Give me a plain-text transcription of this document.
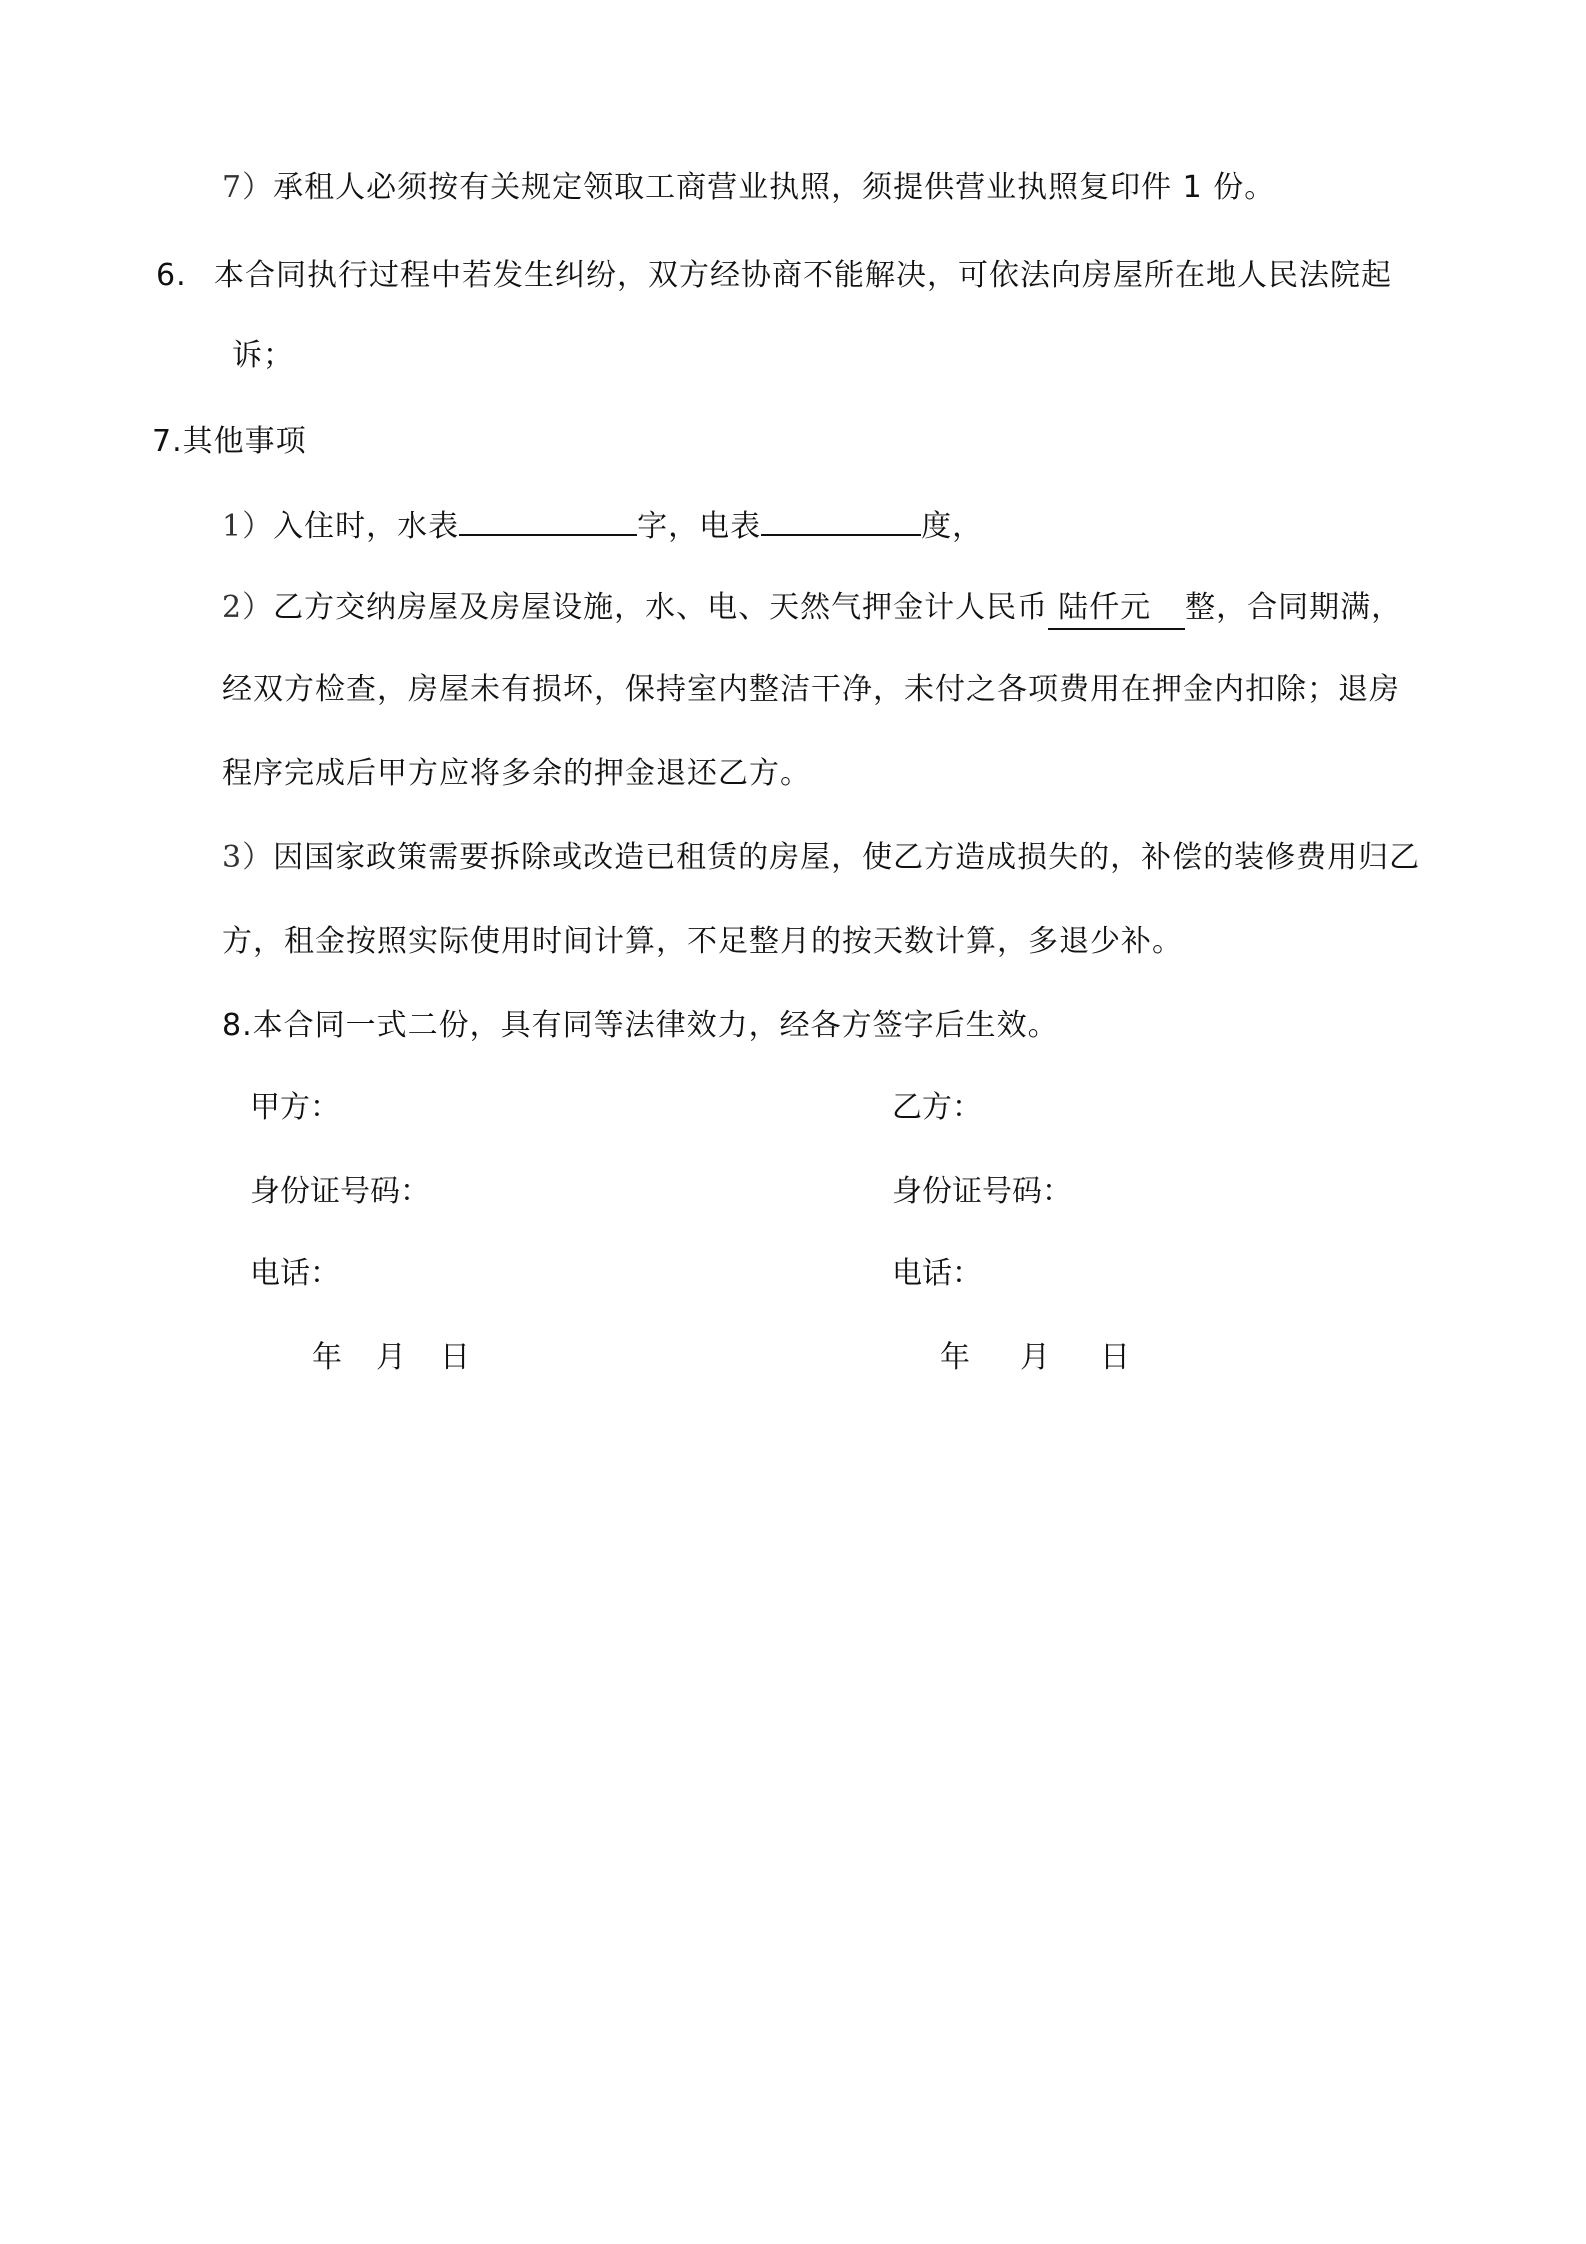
7）承租人必须按有关规定领取工商营业执照，须提供营业执照复印件 1 份。
6. 本合同执行过程中若发生纠纷，双方经协商不能解决，可依法向房屋所在地人民法院起
诉；
7.其他事项
1）入住时，水表	字，电表	度，
2）乙方交纳房屋及房屋设施，水、电、天然气押金计人民币 陆仟元 整，合同期满，
经双方检查，房屋未有损坏，保持室内整洁干净，未付之各项费用在押金内扣除；退房
程序完成后甲方应将多余的押金退还乙方。
3）因国家政策需要拆除或改造已租赁的房屋，使乙方造成损失的，补偿的装修费用归乙
方，租金按照实际使用时间计算，不足整月的按天数计算，多退少补。
8.本合同一式二份，具有同等法律效力，经各方签字后生效。
甲方：
身份证号码：
电话：
年 月 日
乙方：
身份证号码：
电话：
年 月 日
